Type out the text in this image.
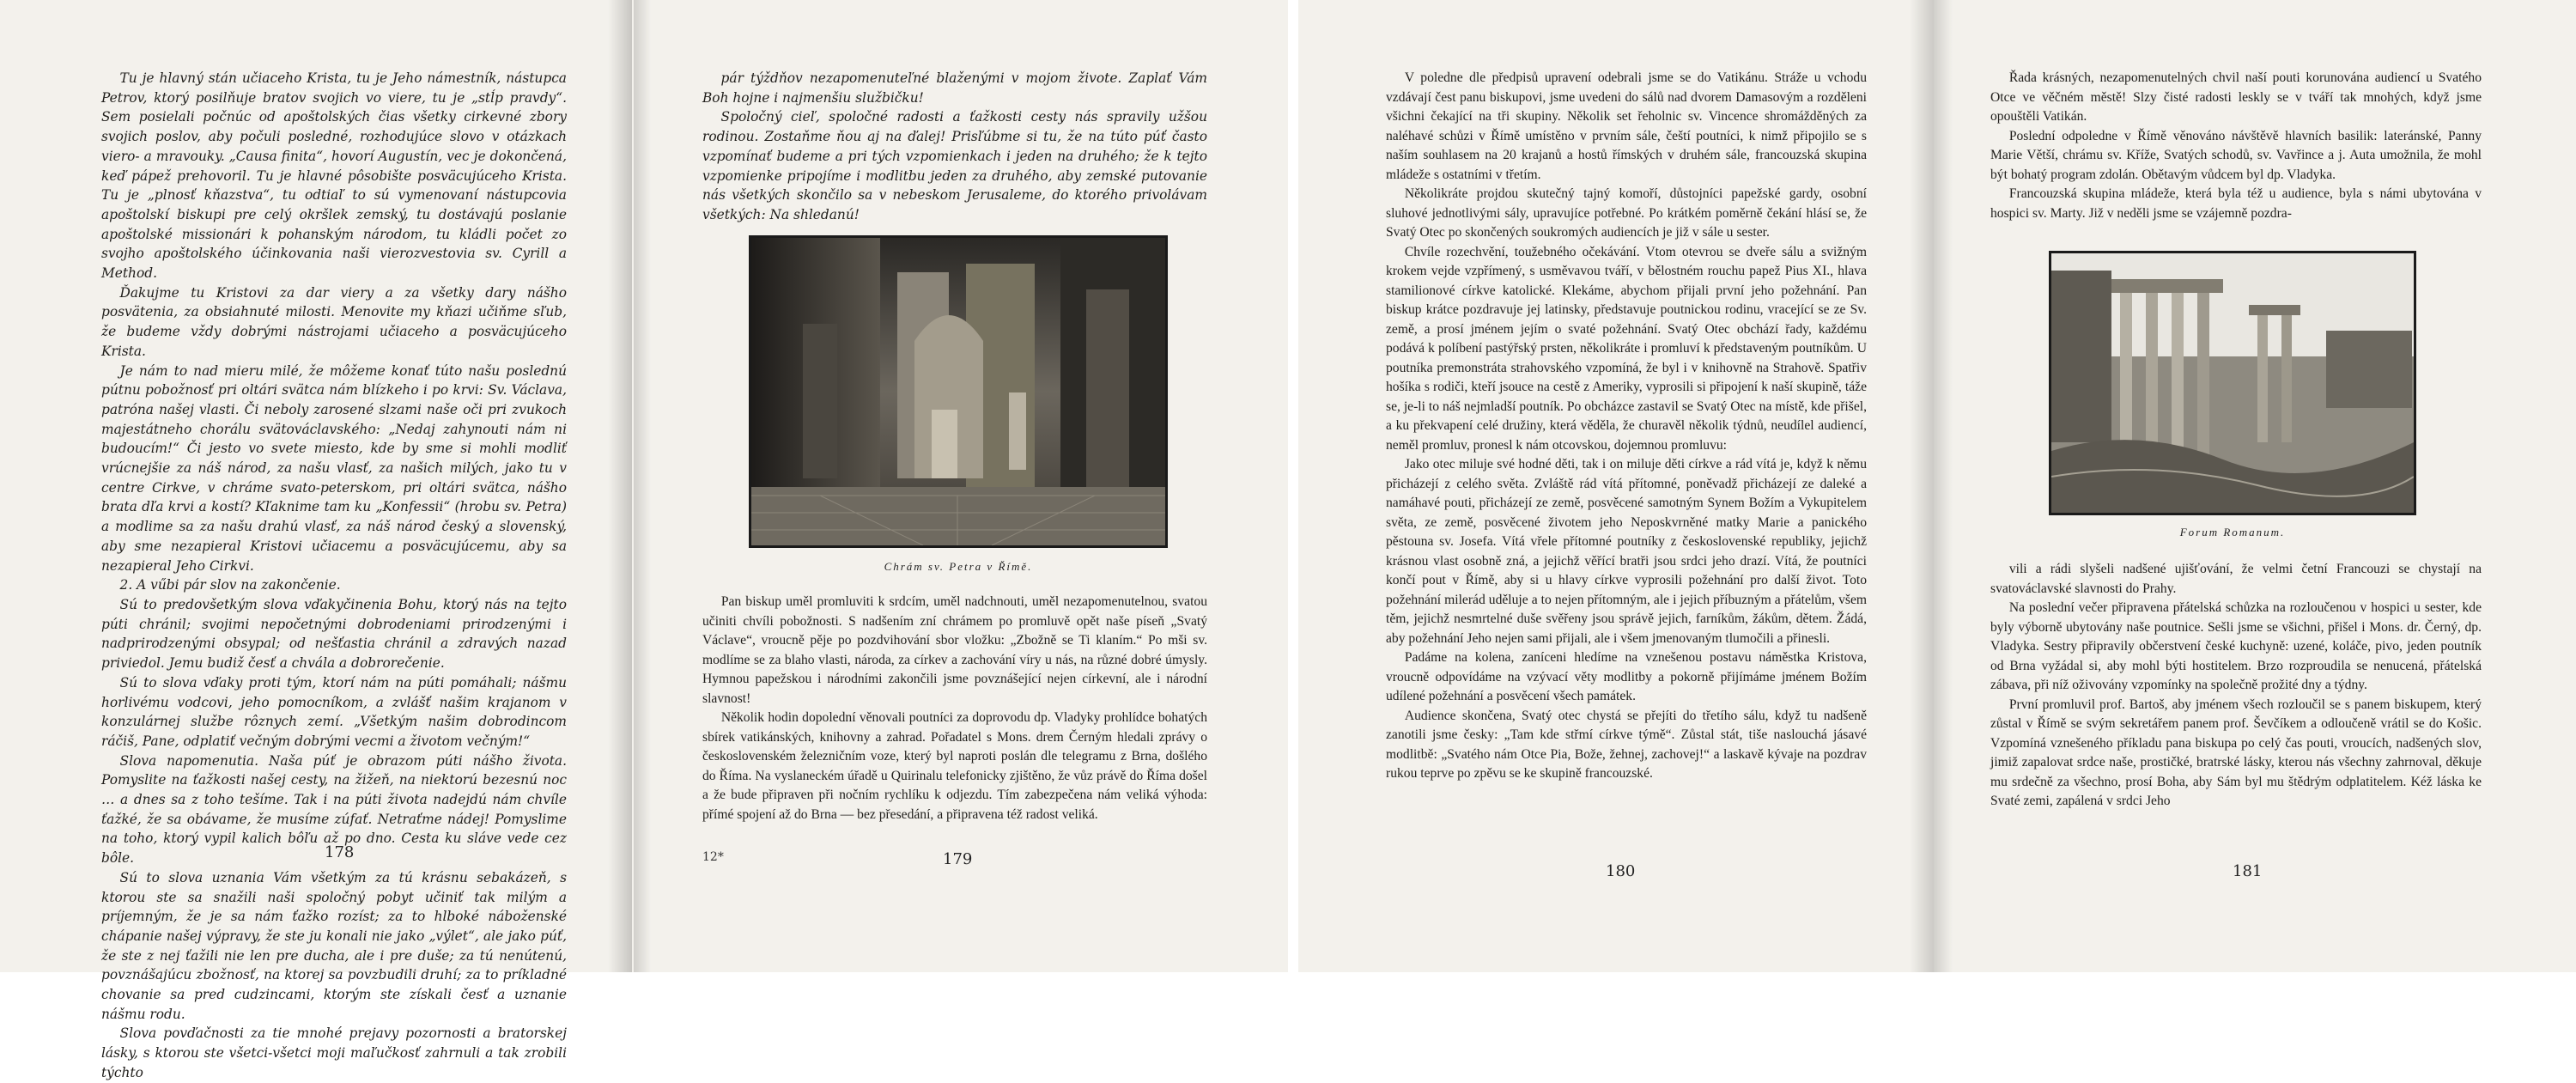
Tu je hlavný stán učiaceho Krista, tu je Jeho námestník, nástupca Petrov, ktorý posilňuje bratov svojich vo viere, tu je „stĺp pravdy“. Sem posielali počnúc od apoštolských čias všetky cirkevné zbory svojich poslov, aby počuli posledné, rozhodujúce slovo v otázkach viero- a mravouky. „Causa finita“, hovorí Augustín, vec je dokončená, keď pápež prehovoril. Tu je hlavné pôsobište posväcujúceho Krista. Tu je „plnosť kňazstva“, tu odtiaľ to sú vymenovaní nástupcovia apoštolskí biskupi pre celý okršlek zemský, tu dostávajú poslanie apoštolské missionári k pohanským národom, tu kládli počet zo svojho apoštolského účinkovania naši vierozvestovia sv. Cyrill a Method.

Ďakujme tu Kristovi za dar viery a za všetky dary nášho posvätenia, za obsiahnuté milosti. Menovite my kňazi učiňme sľub, že budeme vždy dobrými nástrojami učiaceho a posväcujúceho Krista.

Je nám to nad mieru milé, že môžeme konať túto našu poslednú pútnu pobožnosť pri oltári svätca nám blízkeho i po krvi: Sv. Václava, patróna našej vlasti. Či neboly zarosené slzami naše oči pri zvukoch majestátneho chorálu svätováclavského: „Nedaj zahynouti nám ni budoucím!“ Či jesto vo svete miesto, kde by sme si mohli modliť vrúcnejšie za náš národ, za našu vlasť, za našich milých, jako tu v centre Cirkve, v chráme svato-peterskom, pri oltári svätca, nášho brata dľa krvi a kostí? Kľaknime tam ku „Konfessii“ (hrobu sv. Petra) a modlime sa za našu drahú vlasť, za náš národ český a slovenský, aby sme nezapieral Kristovi učiacemu a posväcujúcemu, aby sa nezapieral Jeho Cirkvi.

2. A vűbi pár slov na zakončenie.

Sú to predovšetkým slova vďakyčinenia Bohu, ktorý nás na tejto púti chránil; svojimi nepočetnými dobrodeniami prirodzenými i nadprirodzenými obsypal; od nešťastia chránil a zdravých nazad priviedol. Jemu budiž česť a chvála a dobrorečenie.

Sú to slova vďaky proti tým, ktorí nám na púti pomáhali; nášmu horlivému vodcovi, jeho pomocníkom, a zvlášť našim krajanom v konzulárnej službe rôznych zemí. „Všetkým našim dobrodincom ráčiš, Pane, odplatiť večným dobrými vecmi a životom večným!“

Slova napomenutia. Naša púť je obrazom púti nášho života. Pomyslite na ťažkosti našej cesty, na žižeň, na niektorú bezesnú noc … a dnes sa z toho tešíme. Tak i na púti života nadejdú nám chvíle ťažké, že sa obávame, že musíme zúfať. Netraťme nádej! Pomyslime na toho, ktorý vypil kalich bôľu až po dno. Cesta ku sláve vede cez bôle.

Sú to slova uznania Vám všetkým za tú krásnu sebakázeň, s ktorou ste sa snažili naši spoločný pobyt učiniť tak milým a príjemným, že je sa nám ťažko rozíst; za to hlboké náboženské chápanie našej výpravy, že ste ju konali nie jako „výlet“, ale jako púť, že ste z nej ťažili nie len pre ducha, ale i pre duše; za tú nenútenú, povznášajúcu zbožnosť, na ktorej sa povzbudili druhí; za to príkladné chovanie sa pred cudzincami, ktorým ste získali česť a uznanie nášmu rodu.

Slova povďačnosti za tie mnohé prejavy pozornosti a bratorskej lásky, s ktorou ste všetci-všetci moji maľučkosť zahrnuli a tak zrobili týchto

178

pár týždňov nezapomenuteľné blaženými v mojom živote. Zaplať Vám Boh hojne i najmenšiu službičku!

Spoločný cieľ, spoločné radosti a ťažkosti cesty nás spravily užšou rodinou. Zostaňme ňou aj na ďalej! Prisľúbme si tu, že na túto púť často vzpomínať budeme a pri tých vzpomienkach i jeden na druhého; že k tejto vzpomienke pripojíme i modlitbu jeden za druhého, aby zemské putovanie nás všetkých skončilo sa v nebeskom Jerusaleme, do ktorého privolávam všetkých: Na shledanú!

Chrám sv. Petra v Římě.

Pan biskup uměl promluviti k srdcím, uměl nadchnouti, uměl nezapomenutelnou, svatou učiniti chvíli pobožnosti. S nadšením zní chrámem po promluvě opět naše píseň „Svatý Václave“, vroucně pěje po pozdvihování sbor vložku: „Zbožně se Ti klaním.“ Po mši sv. modlíme se za blaho vlasti, národa, za církev a zachování víry u nás, na různé dobré úmysly. Hymnou papežskou i národními zakončili jsme povznášející nejen církevní, ale i národní slavnost!

Několik hodin dopolední věnovali poutníci za doprovodu dp. Vladyky prohlídce bohatých sbírek vatikánských, knihovny a zahrad. Pořadatel s Mons. drem Černým hledali zprávy o československém železničním voze, který byl naproti poslán dle telegramu z Brna, došlého do Říma. Na vyslaneckém úřadě u Quirinalu telefonicky zjištěno, že vůz právě do Říma došel a že bude připraven při nočním rychlíku k odjezdu. Tím zabezpečena nám veliká výhoda: přímé spojení až do Brna — bez přesedání, a připravena též radost veliká.

12*	179

V poledne dle předpisů upravení odebrali jsme se do Vatikánu. Stráže u vchodu vzdávají čest panu biskupovi, jsme uvedeni do sálů nad dvorem Damasovým a rozděleni všichni čekající na tři skupiny. Několik set řeholnic sv. Vincence shromážděných za naléhavé schůzi v Římě umístěno v prvním sále, čeští poutníci, k nimž připojilo se s naším souhlasem na 20 krajanů a hostů římských v druhém sále, francouzská skupina mládeže s ostatními v třetím.

Několikráte projdou skutečný tajný komoří, důstojníci papežské gardy, osobní sluhové jednotlivými sály, upravujíce potřebné. Po krátkém poměrně čekání hlásí se, že Svatý Otec po skončených soukromých audiencích je již v sále u sester.

Chvíle rozechvění, toužebného očekávání. Vtom otevrou se dveře sálu a svižným krokem vejde vzpřímený, s usměvavou tváří, v bělostném rouchu papež Pius XI., hlava stamilionové církve katolické. Klekáme, abychom přijali první jeho požehnání. Pan biskup krátce pozdravuje jej latinsky, představuje poutnickou rodinu, vracející se ze Sv. země, a prosí jménem jejím o svaté požehnání. Svatý Otec obchází řady, každému podává k políbení pastýřský prsten, několikráte i promluví k představeným poutníkům. U poutníka premonstráta strahovského vzpomíná, že byl i v knihovně na Strahově. Spatřiv hošíka s rodiči, kteří jsouce na cestě z Ameriky, vyprosili si připojení k naší skupině, táže se, je-li to náš nejmladší poutník. Po obcházce zastavil se Svatý Otec na místě, kde přišel, a ku překvapení celé družiny, která věděla, že churavěl několik týdnů, neudílel audiencí, neměl promluv, pronesl k nám otcovskou, dojemnou promluvu:

Jako otec miluje své hodné děti, tak i on miluje děti církve a rád vítá je, když k němu přicházejí z celého světa. Zvláště rád vítá přítomné, poněvadž přicházejí ze daleké a namáhavé pouti, přicházejí ze země, posvěcené samotným Synem Božím a Vykupitelem světa, ze země, posvěcené životem jeho Neposkvrněné matky Marie a panického pěstouna sv. Josefa. Vítá vřele přítomné poutníky z československé republiky, jejichž krásnou vlast osobně zná, a jejichž věřící bratři jsou srdci jeho drazí. Vítá, že poutníci končí pout v Římě, aby si u hlavy církve vyprosili požehnání pro další život. Toto požehnání milerád uděluje a to nejen přítomným, ale i jejich příbuzným a přátelům, všem těm, jejichž nesmrtelné duše svěřeny jsou správě jejich, farníkům, žákům, dětem. Žádá, aby požehnání Jeho nejen sami přijali, ale i všem jmenovaným tlumočili a přinesli.

Padáme na kolena, zaníceni hledíme na vznešenou postavu náměstka Kristova, vroucně odpovídáme na vzývací věty modlitby a pokorně přijímáme jménem Božím udílené požehnání a posvěcení všech památek.

Audience skončena, Svatý otec chystá se přejíti do třetího sálu, když tu nadšeně zanotili jsme česky: „Tam kde střmí církve týmě“. Zůstal stát, tiše naslouchá jásavé modlitbě: „Svatého nám Otce Pia, Bože, žehnej, zachovej!“ a laskavě kývaje na pozdrav rukou teprve po zpěvu se ke skupině francouzské.

180

Řada krásných, nezapomenutelných chvil naší pouti korunována audiencí u Svatého Otce ve věčném městě! Slzy čisté radosti leskly se v tváří tak mnohých, když jsme opouštěli Vatikán.

Poslední odpoledne v Římě věnováno návštěvě hlavních basilik: lateránské, Panny Marie Větší, chrámu sv. Kříže, Svatých schodů, sv. Vavřince a j. Auta umožnila, že mohl být bohatý program zdolán. Obětavým vůdcem byl dp. Vladyka.

Francouzská skupina mládeže, která byla též u audience, byla s námi ubytována v hospici sv. Marty. Již v neděli jsme se vzájemně pozdra-

Forum Romanum.

vili a rádi slyšeli nadšené ujišťování, že velmi četní Francouzi se chystají na svatováclavské slavnosti do Prahy.

Na poslední večer připravena přátelská schůzka na rozloučenou v hospici u sester, kde byly výborně ubytovány naše poutnice. Sešli jsme se všichni, přišel i Mons. dr. Černý, dp. Vladyka. Sestry připravily občerstvení české kuchyně: uzené, koláče, pivo, jeden poutník od Brna vyžádal si, aby mohl býti hostitelem. Brzo rozproudila se nenucená, přátelská zábava, při níž oživovány vzpomínky na společně prožité dny a týdny.

První promluvil prof. Bartoš, aby jménem všech rozloučil se s panem biskupem, který zůstal v Římě se svým sekretářem panem prof. Ševčíkem a odloučeně vrátil se do Košic. Vzpomíná vznešeného příkladu pana biskupa po celý čas pouti, vroucích, nadšených slov, jimiž zapalovat srdce naše, prostičké, bratrské lásky, kterou nás všechny zahrnoval, děkuje mu srdečně za všechno, prosí Boha, aby Sám byl mu štědrým odplatitelem. Kéž láska ke Svaté zemi, zapálená v srdci Jeho

181
